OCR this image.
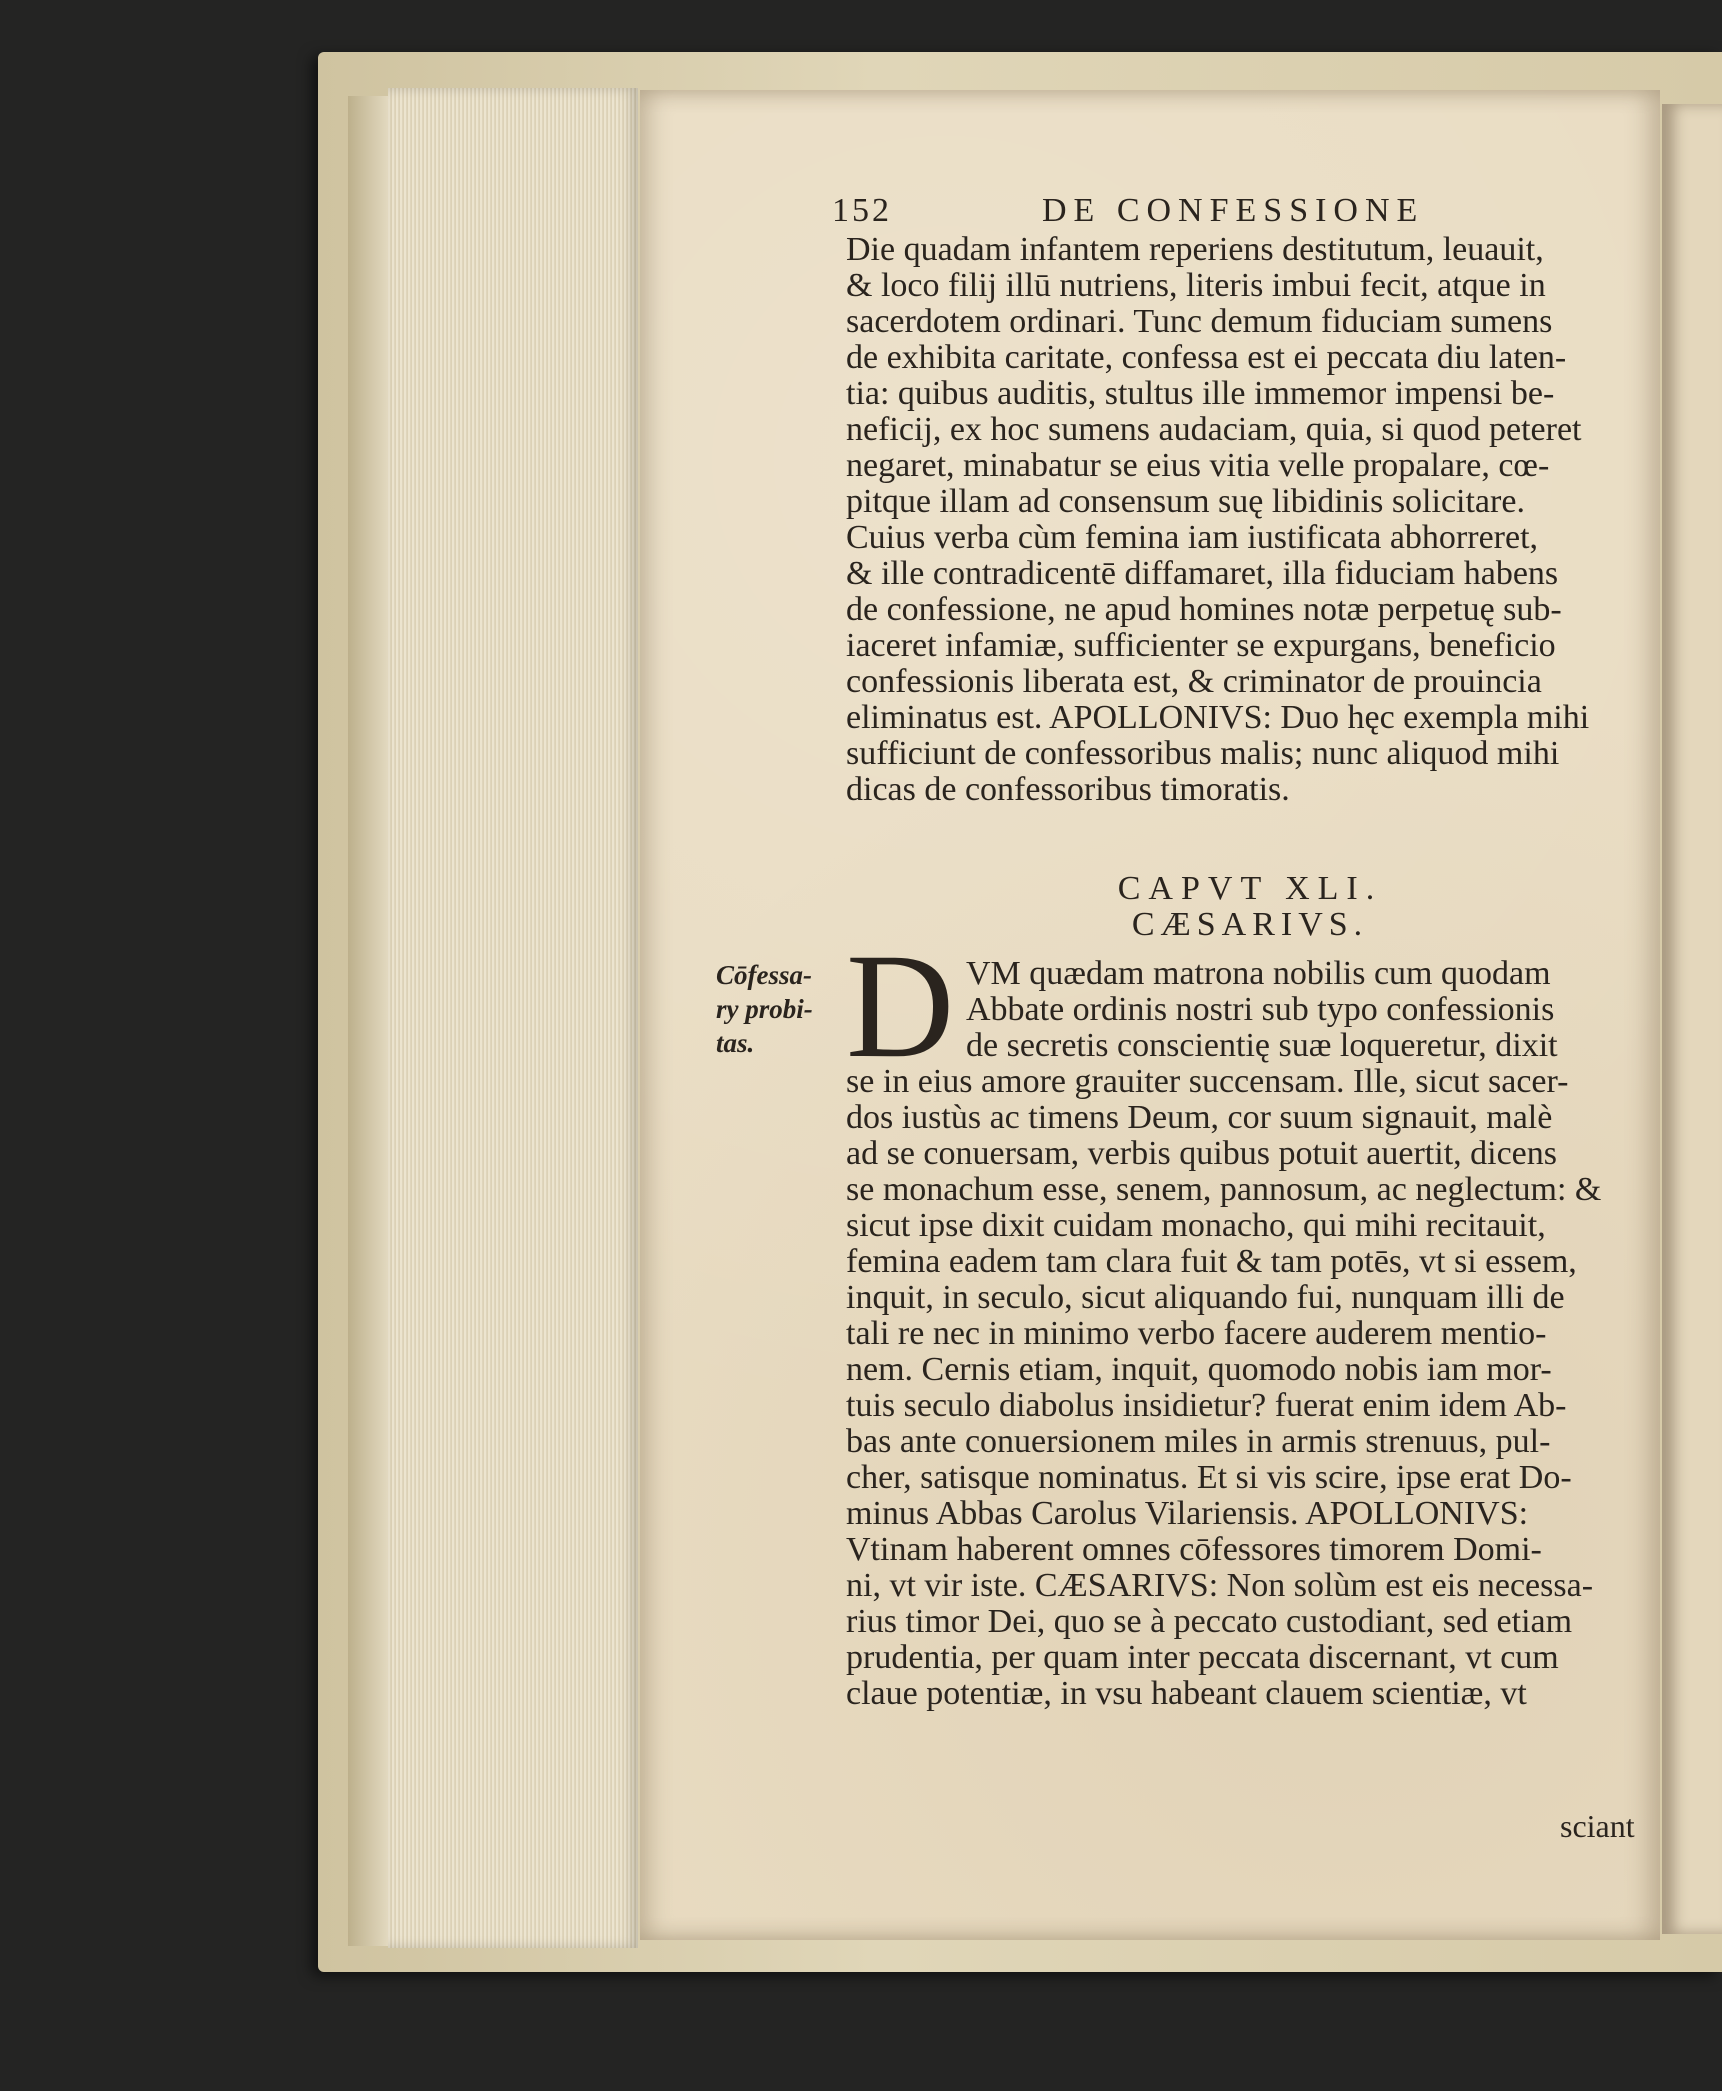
152	DE CONFESSIONE
Die quadam infantem reperiens destitutum, leuauit,
& loco filij illū nutriens, literis imbui fecit, atque in
sacerdotem ordinari. Tunc demum fiduciam sumens
de exhibita caritate, confessa est ei peccata diu laten-
tia: quibus auditis, stultus ille immemor impensi be-
neficij, ex hoc sumens audaciam, quia, si quod peteret
negaret, minabatur se eius vitia velle propalare, cœ-
pitque illam ad consensum suę libidinis solicitare.
Cuius verba cùm femina iam iustificata abhorreret,
& ille contradicentē diffamaret, illa fiduciam habens
de confessione, ne apud homines notæ perpetuę sub-
iaceret infamiæ, sufficienter se expurgans, beneficio
confessionis liberata est, & criminator de prouincia
eliminatus est. APOLLONIVS: Duo hęc exempla mihi
sufficiunt de confessoribus malis; nunc aliquod mihi
dicas de confessoribus timoratis.
CAPVT XLI.
CÆSARIVS.
Cōfessa-
ry probi-
tas. D VM quædam matrona nobilis cum quodam
Abbate ordinis nostri sub typo confessionis
de secretis conscientię suæ loqueretur, dixit
se in eius amore grauiter succensam. Ille, sicut sacer-
dos iustùs ac timens Deum, cor suum signauit, malè
ad se conuersam, verbis quibus potuit auertit, dicens
se monachum esse, senem, pannosum, ac neglectum: &
sicut ipse dixit cuidam monacho, qui mihi recitauit,
femina eadem tam clara fuit & tam potēs, vt si essem,
inquit, in seculo, sicut aliquando fui, nunquam illi de
tali re nec in minimo verbo facere auderem mentio-
nem. Cernis etiam, inquit, quomodo nobis iam mor-
tuis seculo diabolus insidietur? fuerat enim idem Ab-
bas ante conuersionem miles in armis strenuus, pul-
cher, satisque nominatus. Et si vis scire, ipse erat Do-
minus Abbas Carolus Vilariensis. APOLLONIVS:
Vtinam haberent omnes cōfessores timorem Domi-
ni, vt vir iste. CÆSARIVS: Non solùm est eis necessa-
rius timor Dei, quo se à peccato custodiant, sed etiam
prudentia, per quam inter peccata discernant, vt cum
claue potentiæ, in vsu habeant clauem scientiæ, vt
sciant
